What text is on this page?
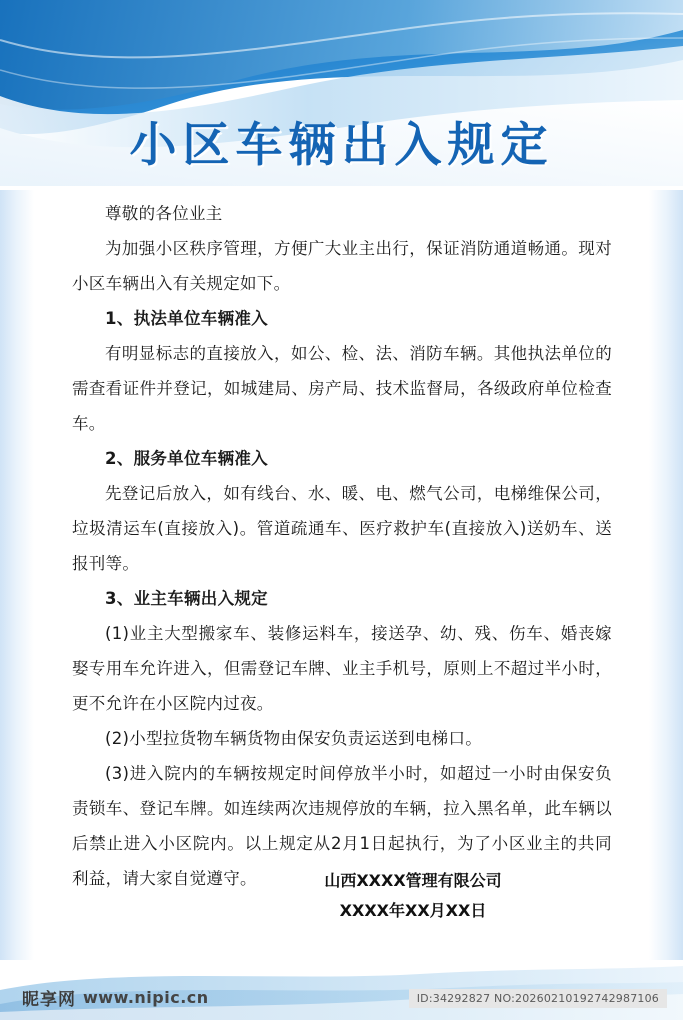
小区车辆出入规定

尊敬的各位业主

为加强小区秩序管理，方便广大业主出行，保证消防通道畅通。现对小区车辆出入有关规定如下。

1、执法单位车辆准入

有明显标志的直接放入，如公、检、法、消防车辆。其他执法单位的需查看证件并登记，如城建局、房产局、技术监督局，各级政府单位检查车。

2、服务单位车辆准入

先登记后放入，如有线台、水、暖、电、燃气公司，电梯维保公司，垃圾清运车(直接放入)。管道疏通车、医疗救护车(直接放入)送奶车、送报刊等。

3、业主车辆出入规定

(1)业主大型搬家车、装修运料车，接送孕、幼、残、伤车、婚丧嫁娶专用车允许进入，但需登记车牌、业主手机号，原则上不超过半小时，更不允许在小区院内过夜。

(2)小型拉货物车辆货物由保安负责运送到电梯口。

(3)进入院内的车辆按规定时间停放半小时，如超过一小时由保安负责锁车、登记车牌。如连续两次违规停放的车辆，拉入黑名单，此车辆以后禁止进入小区院内。以上规定从2月1日起执行，为了小区业主的共同利益，请大家自觉遵守。	山西XXXX管理有限公司
XXXX年XX月XX日
昵享网 www.nipic.cn	ID:34292827 NO:20260210192742987106
